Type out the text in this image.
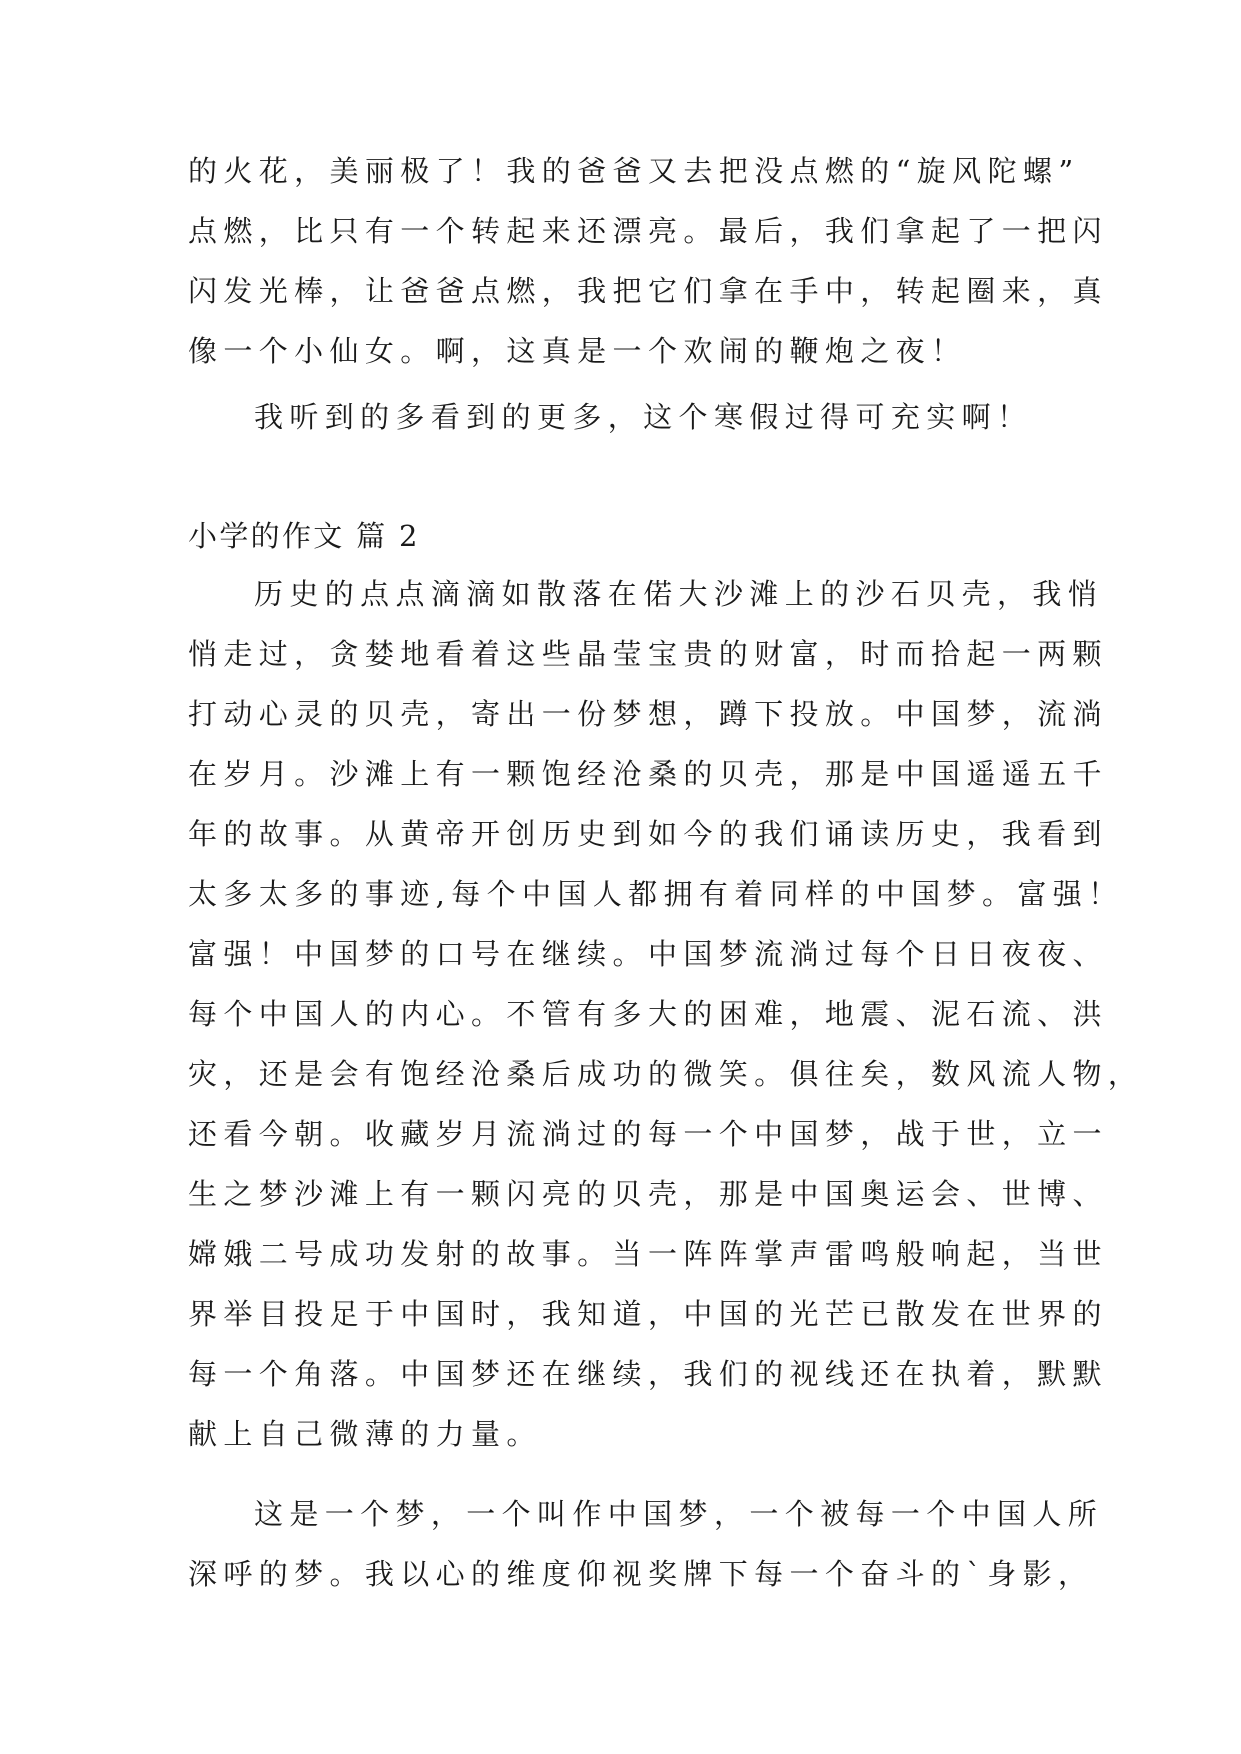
的火花，美丽极了！我的爸爸又去把没点燃的“旋风陀螺”
点燃，比只有一个转起来还漂亮。最后，我们拿起了一把闪
闪发光棒，让爸爸点燃，我把它们拿在手中，转起圈来，真
像一个小仙女。啊，这真是一个欢闹的鞭炮之夜！
我听到的多看到的更多，这个寒假过得可充实啊！
小学的作文 篇 2
历史的点点滴滴如散落在偌大沙滩上的沙石贝壳，我悄
悄走过，贪婪地看着这些晶莹宝贵的财富，时而拾起一两颗
打动心灵的贝壳，寄出一份梦想，蹲下投放。中国梦，流淌
在岁月。沙滩上有一颗饱经沧桑的贝壳，那是中国遥遥五千
年的故事。从黄帝开创历史到如今的我们诵读历史，我看到
太多太多的事迹,每个中国人都拥有着同样的中国梦。富强！
富强！中国梦的口号在继续。中国梦流淌过每个日日夜夜、
每个中国人的内心。不管有多大的困难，地震、泥石流、洪
灾，还是会有饱经沧桑后成功的微笑。俱往矣，数风流人物，
还看今朝。收藏岁月流淌过的每一个中国梦，战于世，立一
生之梦沙滩上有一颗闪亮的贝壳，那是中国奥运会、世博、
嫦娥二号成功发射的故事。当一阵阵掌声雷鸣般响起，当世
界举目投足于中国时，我知道，中国的光芒已散发在世界的
每一个角落。中国梦还在继续，我们的视线还在执着，默默
献上自己微薄的力量。
这是一个梦，一个叫作中国梦，一个被每一个中国人所
深呼的梦。我以心的维度仰视奖牌下每一个奋斗的`身影，
